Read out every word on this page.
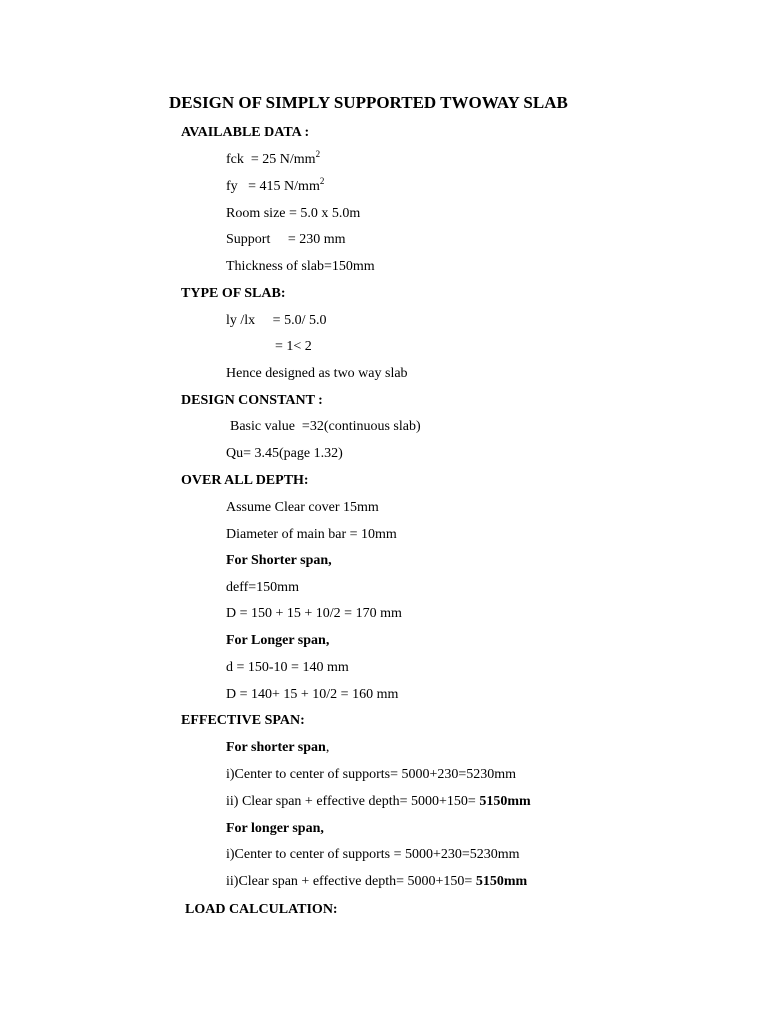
DESIGN OF SIMPLY SUPPORTED TWOWAY SLAB
AVAILABLE DATA :
fck  = 25 $N/mm^2$
fy   = 415 $N/mm^2$
Room size = 5.0 x 5.0m
Support     = 230 mm
Thickness of slab=150mm
TYPE OF SLAB:
ly /lx     = 5.0/ 5.0
= 1< 2
Hence designed as two way slab
DESIGN CONSTANT :
Basic value  =32(continuous slab)
Qu= 3.45(page 1.32)
OVER ALL DEPTH:
Assume Clear cover 15mm
Diameter of main bar = 10mm
For Shorter span,
deff=150mm
D = 150 + 15 + 10/2 = 170 mm
For Longer span,
d = 150-10 = 140 mm
D = 140+ 15 + 10/2 = 160 mm
EFFECTIVE SPAN:
For shorter span,
i)Center to center of supports= 5000+230=5230mm
ii) Clear span + effective depth= 5000+150= 5150mm
For longer span,
i)Center to center of supports = 5000+230=5230mm
ii)Clear span + effective depth= 5000+150= 5150mm
LOAD CALCULATION:
